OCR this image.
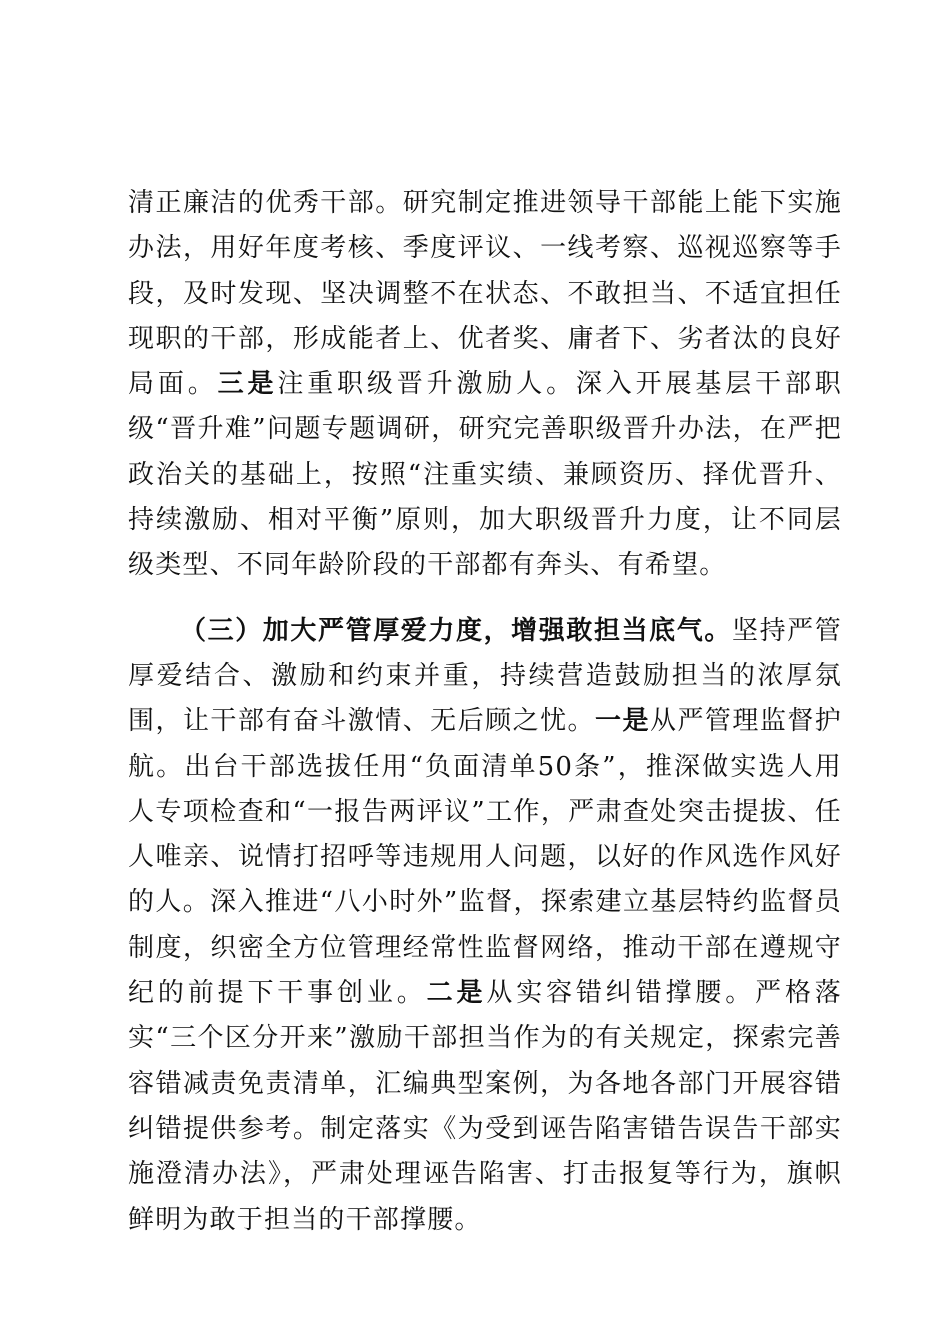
清正廉洁的优秀干部。研究制定推进领导干部能上能下实施办法，用好年度考核、季度评议、一线考察、巡视巡察等手段，及时发现、坚决调整不在状态、不敢担当、不适宜担任现职的干部，形成能者上、优者奖、庸者下、劣者汰的良好局面。三是注重职级晋升激励人。深入开展基层干部职级“晋升难”问题专题调研，研究完善职级晋升办法，在严把政治关的基础上，按照“注重实绩、兼顾资历、择优晋升、持续激励、相对平衡”原则，加大职级晋升力度，让不同层级类型、不同年龄阶段的干部都有奔头、有希望。

（三）加大严管厚爱力度，增强敢担当底气。坚持严管厚爱结合、激励和约束并重，持续营造鼓励担当的浓厚氛围，让干部有奋斗激情、无后顾之忧。一是从严管理监督护航。出台干部选拔任用“负面清单50条”，推深做实选人用人专项检查和“一报告两评议”工作，严肃查处突击提拔、任人唯亲、说情打招呼等违规用人问题，以好的作风选作风好的人。深入推进“八小时外”监督，探索建立基层特约监督员制度，织密全方位管理经常性监督网络，推动干部在遵规守纪的前提下干事创业。二是从实容错纠错撑腰。严格落实“三个区分开来”激励干部担当作为的有关规定，探索完善容错减责免责清单，汇编典型案例，为各地各部门开展容错纠错提供参考。制定落实《为受到诬告陷害错告误告干部实施澄清办法》，严肃处理诬告陷害、打击报复等行为，旗帜鲜明为敢于担当的干部撑腰。
